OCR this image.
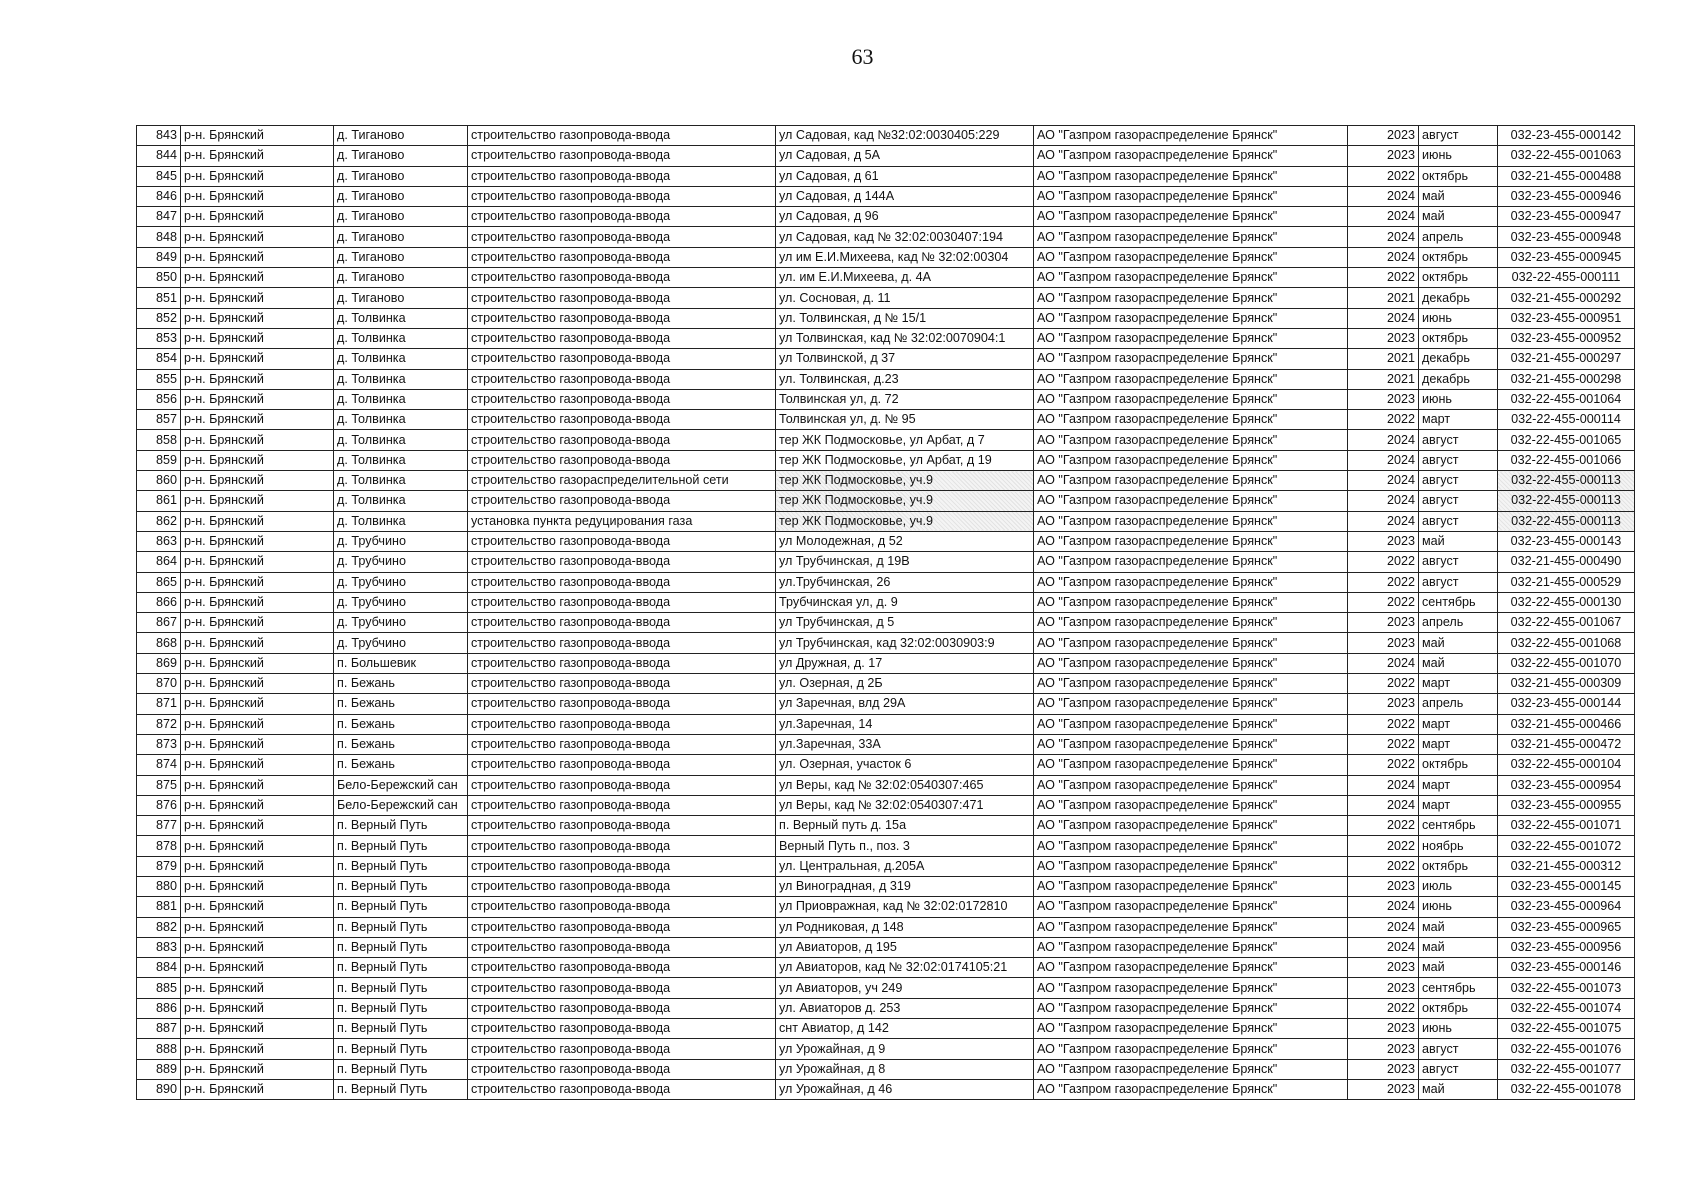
63
843	р-н. Брянский	д. Тиганово	строительство газопровода-ввода	ул Садовая, кад №32:02:0030405:229	АО "Газпром газораспределение Брянск"	2023	август	032-23-455-000142
844	р-н. Брянский	д. Тиганово	строительство газопровода-ввода	ул Садовая, д 5А	АО "Газпром газораспределение Брянск"	2023	июнь	032-22-455-001063
845	р-н. Брянский	д. Тиганово	строительство газопровода-ввода	ул Садовая, д 61	АО "Газпром газораспределение Брянск"	2022	октябрь	032-21-455-000488
846	р-н. Брянский	д. Тиганово	строительство газопровода-ввода	ул Садовая, д 144А	АО "Газпром газораспределение Брянск"	2024	май	032-23-455-000946
847	р-н. Брянский	д. Тиганово	строительство газопровода-ввода	ул Садовая, д 96	АО "Газпром газораспределение Брянск"	2024	май	032-23-455-000947
848	р-н. Брянский	д. Тиганово	строительство газопровода-ввода	ул Садовая, кад № 32:02:0030407:194	АО "Газпром газораспределение Брянск"	2024	апрель	032-23-455-000948
849	р-н. Брянский	д. Тиганово	строительство газопровода-ввода	ул им Е.И.Михеева, кад № 32:02:00304	АО "Газпром газораспределение Брянск"	2024	октябрь	032-23-455-000945
850	р-н. Брянский	д. Тиганово	строительство газопровода-ввода	ул. им Е.И.Михеева, д. 4А	АО "Газпром газораспределение Брянск"	2022	октябрь	032-22-455-000111
851	р-н. Брянский	д. Тиганово	строительство газопровода-ввода	ул. Сосновая, д. 11	АО "Газпром газораспределение Брянск"	2021	декабрь	032-21-455-000292
852	р-н. Брянский	д. Толвинка	строительство газопровода-ввода	ул. Толвинская, д № 15/1	АО "Газпром газораспределение Брянск"	2024	июнь	032-23-455-000951
853	р-н. Брянский	д. Толвинка	строительство газопровода-ввода	ул Толвинская, кад № 32:02:0070904:1	АО "Газпром газораспределение Брянск"	2023	октябрь	032-23-455-000952
854	р-н. Брянский	д. Толвинка	строительство газопровода-ввода	ул Толвинской, д 37	АО "Газпром газораспределение Брянск"	2021	декабрь	032-21-455-000297
855	р-н. Брянский	д. Толвинка	строительство газопровода-ввода	ул. Толвинская, д.23	АО "Газпром газораспределение Брянск"	2021	декабрь	032-21-455-000298
856	р-н. Брянский	д. Толвинка	строительство газопровода-ввода	Толвинская ул, д. 72	АО "Газпром газораспределение Брянск"	2023	июнь	032-22-455-001064
857	р-н. Брянский	д. Толвинка	строительство газопровода-ввода	Толвинская ул, д. № 95	АО "Газпром газораспределение Брянск"	2022	март	032-22-455-000114
858	р-н. Брянский	д. Толвинка	строительство газопровода-ввода	тер ЖК Подмосковье, ул Арбат, д 7	АО "Газпром газораспределение Брянск"	2024	август	032-22-455-001065
859	р-н. Брянский	д. Толвинка	строительство газопровода-ввода	тер ЖК Подмосковье, ул Арбат, д 19	АО "Газпром газораспределение Брянск"	2024	август	032-22-455-001066
860	р-н. Брянский	д. Толвинка	строительство газораспределительной сети	тер ЖК Подмосковье, уч.9	АО "Газпром газораспределение Брянск"	2024	август	032-22-455-000113
861	р-н. Брянский	д. Толвинка	строительство газопровода-ввода	тер ЖК Подмосковье, уч.9	АО "Газпром газораспределение Брянск"	2024	август	032-22-455-000113
862	р-н. Брянский	д. Толвинка	установка пункта редуцирования газа	тер ЖК Подмосковье, уч.9	АО "Газпром газораспределение Брянск"	2024	август	032-22-455-000113
863	р-н. Брянский	д. Трубчино	строительство газопровода-ввода	ул Молодежная, д 52	АО "Газпром газораспределение Брянск"	2023	май	032-23-455-000143
864	р-н. Брянский	д. Трубчино	строительство газопровода-ввода	ул Трубчинская, д 19В	АО "Газпром газораспределение Брянск"	2022	август	032-21-455-000490
865	р-н. Брянский	д. Трубчино	строительство газопровода-ввода	ул.Трубчинская, 26	АО "Газпром газораспределение Брянск"	2022	август	032-21-455-000529
866	р-н. Брянский	д. Трубчино	строительство газопровода-ввода	Трубчинская ул, д. 9	АО "Газпром газораспределение Брянск"	2022	сентябрь	032-22-455-000130
867	р-н. Брянский	д. Трубчино	строительство газопровода-ввода	ул Трубчинская, д 5	АО "Газпром газораспределение Брянск"	2023	апрель	032-22-455-001067
868	р-н. Брянский	д. Трубчино	строительство газопровода-ввода	ул Трубчинская, кад 32:02:0030903:9	АО "Газпром газораспределение Брянск"	2023	май	032-22-455-001068
869	р-н. Брянский	п. Большевик	строительство газопровода-ввода	ул Дружная, д. 17	АО "Газпром газораспределение Брянск"	2024	май	032-22-455-001070
870	р-н. Брянский	п. Бежань	строительство газопровода-ввода	ул. Озерная, д 2Б	АО "Газпром газораспределение Брянск"	2022	март	032-21-455-000309
871	р-н. Брянский	п. Бежань	строительство газопровода-ввода	ул Заречная, влд 29А	АО "Газпром газораспределение Брянск"	2023	апрель	032-23-455-000144
872	р-н. Брянский	п. Бежань	строительство газопровода-ввода	ул.Заречная, 14	АО "Газпром газораспределение Брянск"	2022	март	032-21-455-000466
873	р-н. Брянский	п. Бежань	строительство газопровода-ввода	ул.Заречная, 33А	АО "Газпром газораспределение Брянск"	2022	март	032-21-455-000472
874	р-н. Брянский	п. Бежань	строительство газопровода-ввода	ул. Озерная, участок 6	АО "Газпром газораспределение Брянск"	2022	октябрь	032-22-455-000104
875	р-н. Брянский	Бело-Бережский сан	строительство газопровода-ввода	ул Веры, кад № 32:02:0540307:465	АО "Газпром газораспределение Брянск"	2024	март	032-23-455-000954
876	р-н. Брянский	Бело-Бережский сан	строительство газопровода-ввода	ул Веры, кад № 32:02:0540307:471	АО "Газпром газораспределение Брянск"	2024	март	032-23-455-000955
877	р-н. Брянский	п. Верный Путь	строительство газопровода-ввода	п. Верный путь д. 15а	АО "Газпром газораспределение Брянск"	2022	сентябрь	032-22-455-001071
878	р-н. Брянский	п. Верный Путь	строительство газопровода-ввода	Верный Путь п., поз. 3	АО "Газпром газораспределение Брянск"	2022	ноябрь	032-22-455-001072
879	р-н. Брянский	п. Верный Путь	строительство газопровода-ввода	ул. Центральная, д.205А	АО "Газпром газораспределение Брянск"	2022	октябрь	032-21-455-000312
880	р-н. Брянский	п. Верный Путь	строительство газопровода-ввода	ул Виноградная, д 319	АО "Газпром газораспределение Брянск"	2023	июль	032-23-455-000145
881	р-н. Брянский	п. Верный Путь	строительство газопровода-ввода	ул Приовражная, кад № 32:02:0172810	АО "Газпром газораспределение Брянск"	2024	июнь	032-23-455-000964
882	р-н. Брянский	п. Верный Путь	строительство газопровода-ввода	ул Родниковая, д 148	АО "Газпром газораспределение Брянск"	2024	май	032-23-455-000965
883	р-н. Брянский	п. Верный Путь	строительство газопровода-ввода	ул Авиаторов, д 195	АО "Газпром газораспределение Брянск"	2024	май	032-23-455-000956
884	р-н. Брянский	п. Верный Путь	строительство газопровода-ввода	ул Авиаторов, кад № 32:02:0174105:21	АО "Газпром газораспределение Брянск"	2023	май	032-23-455-000146
885	р-н. Брянский	п. Верный Путь	строительство газопровода-ввода	ул Авиаторов, уч 249	АО "Газпром газораспределение Брянск"	2023	сентябрь	032-22-455-001073
886	р-н. Брянский	п. Верный Путь	строительство газопровода-ввода	ул. Авиаторов д. 253	АО "Газпром газораспределение Брянск"	2022	октябрь	032-22-455-001074
887	р-н. Брянский	п. Верный Путь	строительство газопровода-ввода	снт Авиатор, д 142	АО "Газпром газораспределение Брянск"	2023	июнь	032-22-455-001075
888	р-н. Брянский	п. Верный Путь	строительство газопровода-ввода	ул Урожайная, д 9	АО "Газпром газораспределение Брянск"	2023	август	032-22-455-001076
889	р-н. Брянский	п. Верный Путь	строительство газопровода-ввода	ул Урожайная, д 8	АО "Газпром газораспределение Брянск"	2023	август	032-22-455-001077
890	р-н. Брянский	п. Верный Путь	строительство газопровода-ввода	ул Урожайная, д 46	АО "Газпром газораспределение Брянск"	2023	май	032-22-455-001078
